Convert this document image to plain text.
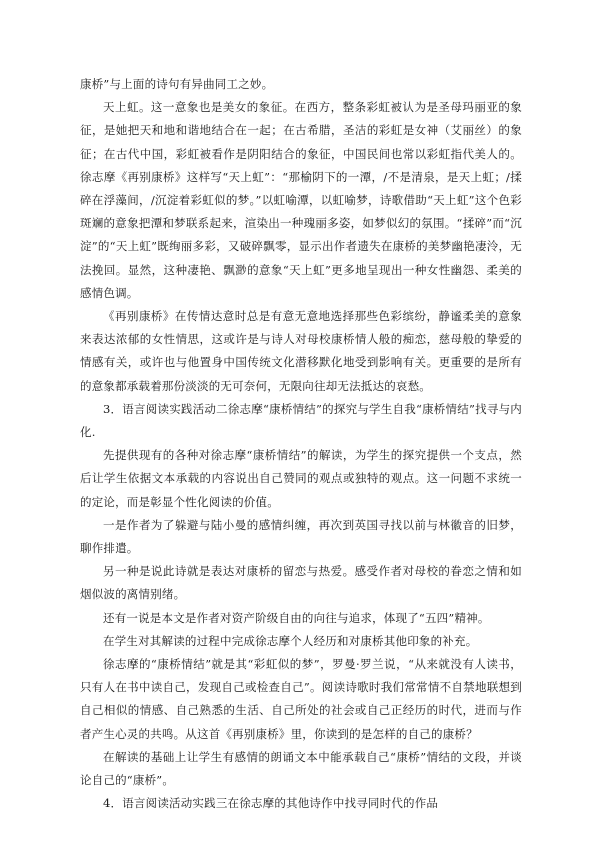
康桥”与上面的诗句有异曲同工之妙。

天上虹。这一意象也是美女的象征。在西方，整条彩虹被认为是圣母玛丽亚的象征，是她把天和地和谐地结合在一起；在古希腊，圣洁的彩虹是女神（艾丽丝）的象征；在古代中国，彩虹被看作是阴阳结合的象征，中国民间也常以彩虹指代美人的。徐志摩《再别康桥》这样写“天上虹”：“那榆阴下的一潭，/不是清泉，是天上虹；/揉碎在浮藻间，/沉淀着彩虹似的梦。”以虹喻潭，以虹喻梦，诗歌借助“天上虹”这个色彩斑斓的意象把潭和梦联系起来，渲染出一种瑰丽多姿，如梦似幻的氛围。“揉碎”而“沉淀”的“天上虹”既绚丽多彩，又破碎飘零，显示出作者遗失在康桥的美梦幽艳凄泠，无法挽回。显然，这种凄艳、飘渺的意象“天上虹”更多地呈现出一种女性幽怨、柔美的感情色调。

《再别康桥》在传情达意时总是有意无意地选择那些色彩缤纷，静谧柔美的意象来表达浓郁的女性情思，这或许是与诗人对母校康桥情人般的痴恋，慈母般的挚爱的情感有关，或许也与他置身中国传统文化潜移默化地受到影响有关。更重要的是所有的意象都承载着那份淡淡的无可奈何，无限向往却无法抵达的哀愁。

3．语言阅读实践活动二徐志摩“康桥情结”的探究与学生自我“康桥情结”找寻与内化.

先提供现有的各种对徐志摩“康桥情结”的解读，为学生的探究提供一个支点，然后让学生依据文本承载的内容说出自己赞同的观点或独特的观点。这一问题不求统一的定论，而是彰显个性化阅读的价值。

一是作者为了躲避与陆小曼的感情纠缠，再次到英国寻找以前与林徽音的旧梦，聊作排遣。

另一种是说此诗就是表达对康桥的留恋与热爱。感受作者对母校的眷恋之情和如烟似波的离情别绪。

还有一说是本文是作者对资产阶级自由的向往与追求，体现了“五四”精神。

在学生对其解读的过程中完成徐志摩个人经历和对康桥其他印象的补充。

徐志摩的“康桥情结”就是其“彩虹似的梦”，罗曼·罗兰说，“从来就没有人读书，只有人在书中读自己，发现自己或检查自己”。阅读诗歌时我们常常情不自禁地联想到自己相似的情感、自己熟悉的生活、自己所处的社会或自己正经历的时代，进而与作者产生心灵的共鸣。从这首《再别康桥》里，你读到的是怎样的自己的康桥？

在解读的基础上让学生有感情的朗诵文本中能承载自己“康桥”情结的文段，并谈论自己的“康桥”。

4．语言阅读活动实践三在徐志摩的其他诗作中找寻同时代的作品
